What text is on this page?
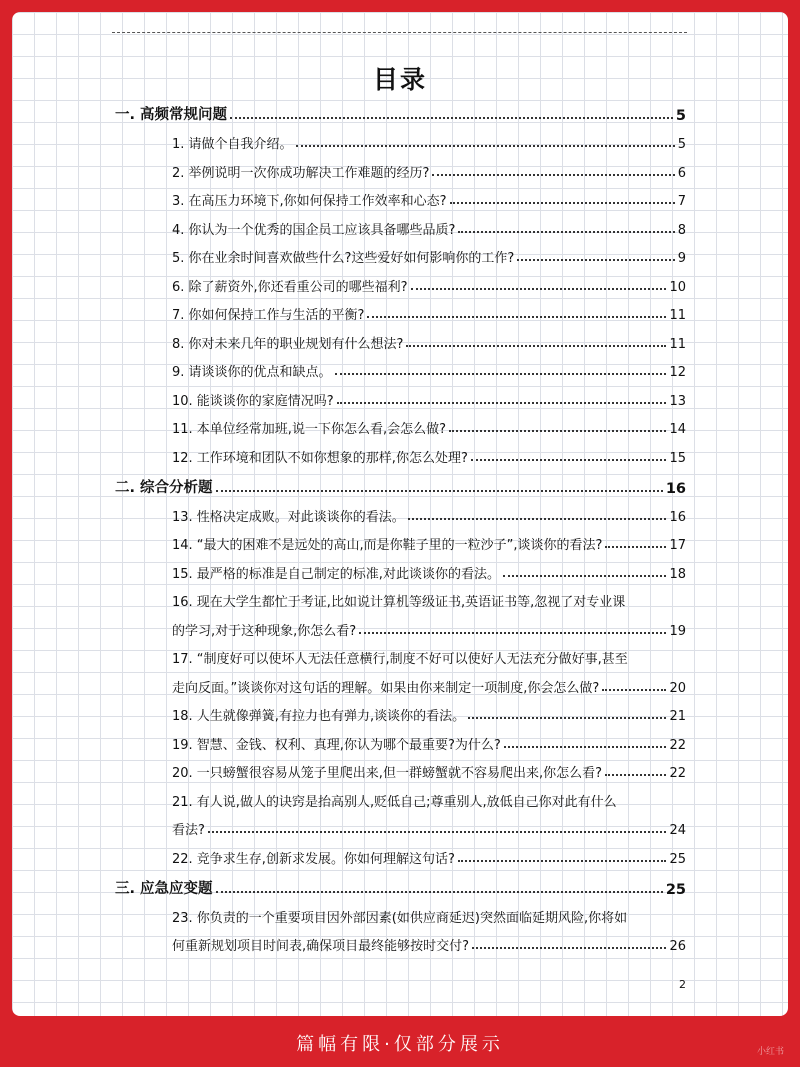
目录
一. 高频常规问题	5
1. 请做个自我介绍。	5
2. 举例说明一次你成功解决工作难题的经历?	6
3. 在高压力环境下,你如何保持工作效率和心态?	7
4. 你认为一个优秀的国企员工应该具备哪些品质?	8
5. 你在业余时间喜欢做些什么?这些爱好如何影响你的工作?	9
6. 除了薪资外,你还看重公司的哪些福利?	10
7. 你如何保持工作与生活的平衡?	11
8. 你对未来几年的职业规划有什么想法?	11
9. 请谈谈你的优点和缺点。	12
10. 能谈谈你的家庭情况吗?	13
11. 本单位经常加班,说一下你怎么看,会怎么做?	14
12. 工作环境和团队不如你想象的那样,你怎么处理?	15
二. 综合分析题	16
13. 性格决定成败。对此谈谈你的看法。	16
14. “最大的困难不是远处的高山,而是你鞋子里的一粒沙子”,谈谈你的看法?	17
15. 最严格的标准是自己制定的标准,对此谈谈你的看法。	18
16. 现在大学生都忙于考证,比如说计算机等级证书,英语证书等,忽视了对专业课
的学习,对于这种现象,你怎么看?	19
17. “制度好可以使坏人无法任意横行,制度不好可以使好人无法充分做好事,甚至
走向反面。”谈谈你对这句话的理解。如果由你来制定一项制度,你会怎么做?	20
18. 人生就像弹簧,有拉力也有弹力,谈谈你的看法。	21
19. 智慧、金钱、权利、真理,你认为哪个最重要?为什么?	22
20. 一只螃蟹很容易从笼子里爬出来,但一群螃蟹就不容易爬出来,你怎么看?	22
21. 有人说,做人的诀窍是抬高别人,贬低自己;尊重别人,放低自己你对此有什么
看法?	24
22. 竞争求生存,创新求发展。你如何理解这句话?	25
三. 应急应变题	25
23. 你负责的一个重要项目因外部因素(如供应商延迟)突然面临延期风险,你将如
何重新规划项目时间表,确保项目最终能够按时交付?	26
2
篇幅有限·仅部分展示	小红书
